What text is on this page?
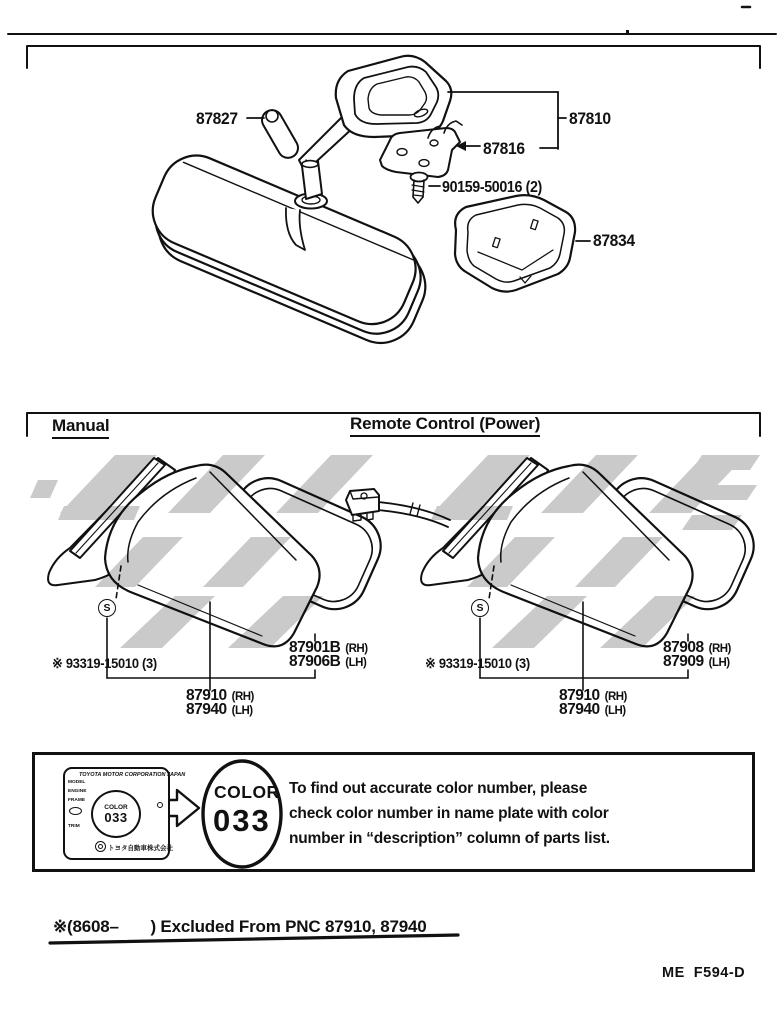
87827	87810
87816
90159-50016 (2)
87834
Manual	Remote Control (Power)
S
※ 93319-15010 (3)
87901B (RH)
87906B (LH)
87910 (RH)
87940 (LH)
S
※ 93319-15010 (3)
87908 (RH)
87909 (LH)
87910 (RH)
87940 (LH)
TOYOTA MOTOR CORPORATION JAPAN
MODEL
ENGINE
FRAME
TRIM
COLOR
033
トヨタ自動車株式会社
COLOR
033
To find out accurate color number, please
check color number in name plate with color
number in “description” column of parts list.
※(8608–       ) Excluded From PNC 87910, 87940
ME  F594-D
